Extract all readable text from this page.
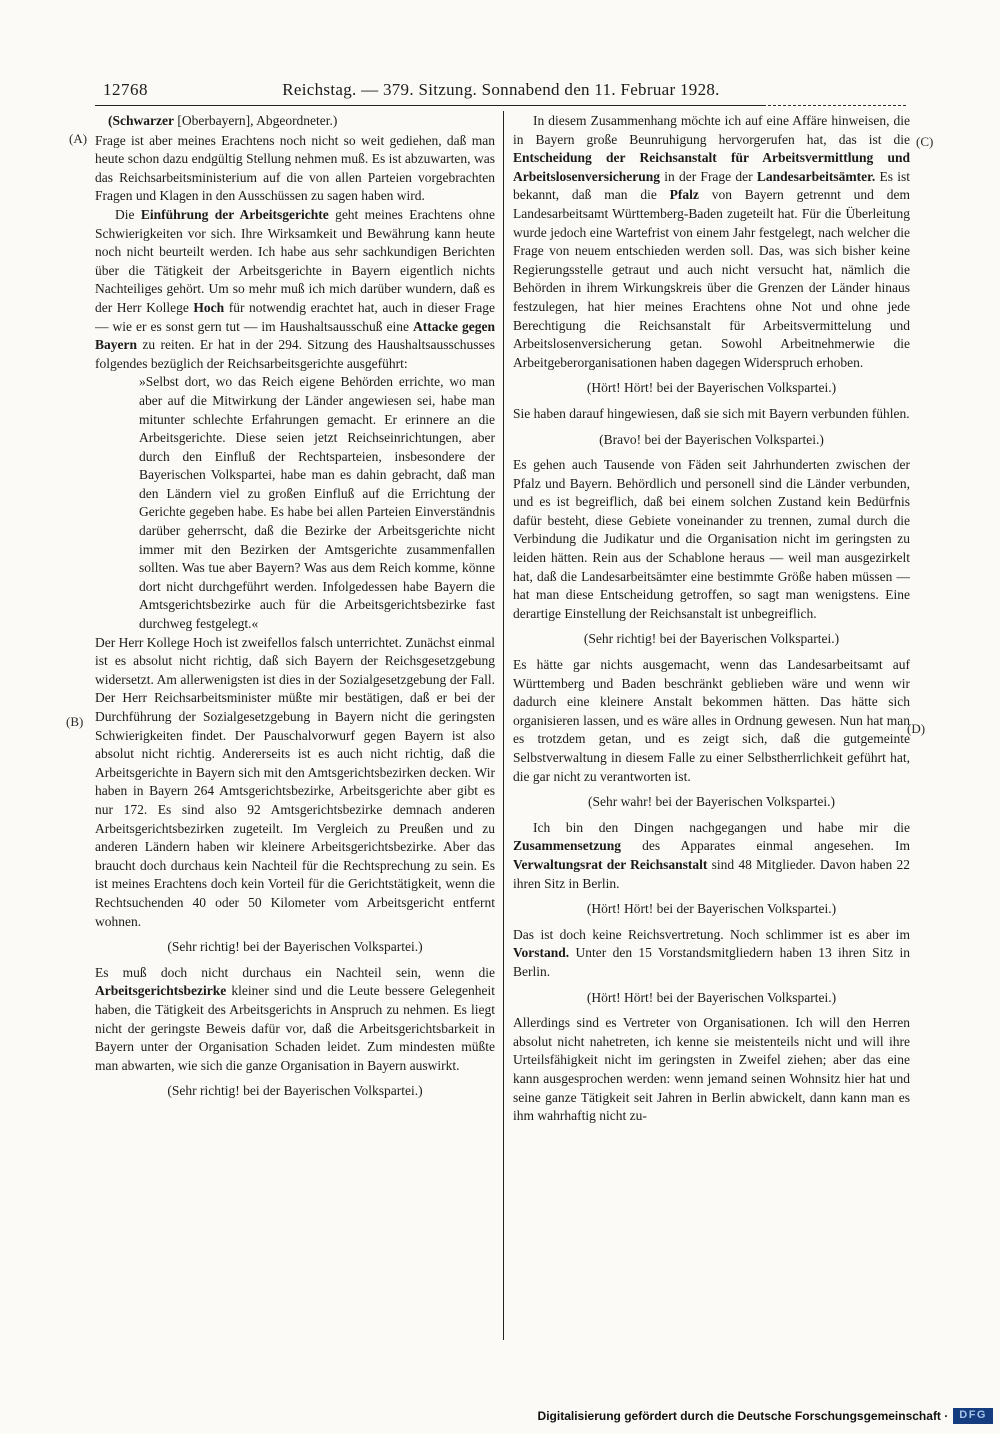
12768	Reichstag. — 379. Sitzung. Sonnabend den 11. Februar 1928.
(A)
(B)
(C)
(D)

(Schwarzer [Oberbayern], Abgeordneter.)

Frage ist aber meines Erachtens noch nicht so weit gediehen, daß man heute schon dazu endgültig Stellung nehmen muß. Es ist abzuwarten, was das Reichsarbeitsministerium auf die von allen Parteien vorgebrachten Fragen und Klagen in den Ausschüssen zu sagen haben wird.

Die Einführung der Arbeitsgerichte geht meines Erachtens ohne Schwierigkeiten vor sich. Ihre Wirksamkeit und Bewährung kann heute noch nicht beurteilt werden. Ich habe aus sehr sachkundigen Berichten über die Tätigkeit der Arbeitsgerichte in Bayern eigentlich nichts Nachteiliges gehört. Um so mehr muß ich mich darüber wundern, daß es der Herr Kollege Hoch für notwendig erachtet hat, auch in dieser Frage — wie er es sonst gern tut — im Haushaltsausschuß eine Attacke gegen Bayern zu reiten. Er hat in der 294. Sitzung des Haushaltsausschusses folgendes bezüglich der Reichsarbeitsgerichte ausgeführt:

»Selbst dort, wo das Reich eigene Behörden errichte, wo man aber auf die Mitwirkung der Länder angewiesen sei, habe man mitunter schlechte Erfahrungen gemacht. Er erinnere an die Arbeitsgerichte. Diese seien jetzt Reichseinrichtungen, aber durch den Einfluß der Rechtsparteien, insbesondere der Bayerischen Volkspartei, habe man es dahin gebracht, daß man den Ländern viel zu großen Einfluß auf die Errichtung der Gerichte gegeben habe. Es habe bei allen Parteien Einverständnis darüber geherrscht, daß die Bezirke der Arbeitsgerichte nicht immer mit den Bezirken der Amtsgerichte zusammenfallen sollten. Was tue aber Bayern? Was aus dem Reich komme, könne dort nicht durchgeführt werden. Infolgedessen habe Bayern die Amtsgerichtsbezirke auch für die Arbeitsgerichtsbezirke fast durchweg festgelegt.«

Der Herr Kollege Hoch ist zweifellos falsch unterrichtet. Zunächst einmal ist es absolut nicht richtig, daß sich Bayern der Reichsgesetzgebung widersetzt. Am allerwenigsten ist dies in der Sozialgesetzgebung der Fall. Der Herr Reichsarbeitsminister müßte mir bestätigen, daß er bei der Durchführung der Sozialgesetzgebung in Bayern nicht die geringsten Schwierigkeiten findet. Der Pauschalvorwurf gegen Bayern ist also absolut nicht richtig. Andererseits ist es auch nicht richtig, daß die Arbeitsgerichte in Bayern sich mit den Amtsgerichtsbezirken decken. Wir haben in Bayern 264 Amtsgerichtsbezirke, Arbeitsgerichte aber gibt es nur 172. Es sind also 92 Amtsgerichtsbezirke demnach anderen Arbeitsgerichtsbezirken zugeteilt. Im Vergleich zu Preußen und zu anderen Ländern haben wir kleinere Arbeitsgerichtsbezirke. Aber das braucht doch durchaus kein Nachteil für die Rechtsprechung zu sein. Es ist meines Erachtens doch kein Vorteil für die Gerichtstätigkeit, wenn die Rechtsuchenden 40 oder 50 Kilometer vom Arbeitsgericht entfernt wohnen.

(Sehr richtig! bei der Bayerischen Volkspartei.)

Es muß doch nicht durchaus ein Nachteil sein, wenn die Arbeitsgerichtsbezirke kleiner sind und die Leute bessere Gelegenheit haben, die Tätigkeit des Arbeitsgerichts in Anspruch zu nehmen. Es liegt nicht der geringste Beweis dafür vor, daß die Arbeitsgerichtsbarkeit in Bayern unter der Organisation Schaden leidet. Zum mindesten müßte man abwarten, wie sich die ganze Organisation in Bayern auswirkt.

(Sehr richtig! bei der Bayerischen Volkspartei.)

In diesem Zusammenhang möchte ich auf eine Affäre hinweisen, die in Bayern große Beunruhigung hervorgerufen hat, das ist die Entscheidung der Reichsanstalt für Arbeitsvermittlung und Arbeitslosenversicherung in der Frage der Landesarbeitsämter. Es ist bekannt, daß man die Pfalz von Bayern getrennt und dem Landesarbeitsamt Württemberg-Baden zugeteilt hat. Für die Überleitung wurde jedoch eine Wartefrist von einem Jahr festgelegt, nach welcher die Frage von neuem entschieden werden soll. Das, was sich bisher keine Regierungsstelle getraut und auch nicht versucht hat, nämlich die Behörden in ihrem Wirkungskreis über die Grenzen der Länder hinaus festzulegen, hat hier meines Erachtens ohne Not und ohne jede Berechtigung die Reichsanstalt für Arbeitsvermittelung und Arbeitslosenversicherung getan. Sowohl Arbeitnehmerwie die Arbeitgeberorganisationen haben dagegen Widerspruch erhoben.

(Hört! Hört! bei der Bayerischen Volkspartei.)

Sie haben darauf hingewiesen, daß sie sich mit Bayern verbunden fühlen.

(Bravo! bei der Bayerischen Volkspartei.)

Es gehen auch Tausende von Fäden seit Jahrhunderten zwischen der Pfalz und Bayern. Behördlich und personell sind die Länder verbunden, und es ist begreiflich, daß bei einem solchen Zustand kein Bedürfnis dafür besteht, diese Gebiete voneinander zu trennen, zumal durch die Verbindung die Judikatur und die Organisation nicht im geringsten zu leiden hätten. Rein aus der Schablone heraus — weil man ausgezirkelt hat, daß die Landesarbeitsämter eine bestimmte Größe haben müssen — hat man diese Entscheidung getroffen, so sagt man wenigstens. Eine derartige Einstellung der Reichsanstalt ist unbegreiflich.

(Sehr richtig! bei der Bayerischen Volkspartei.)

Es hätte gar nichts ausgemacht, wenn das Landesarbeitsamt auf Württemberg und Baden beschränkt geblieben wäre und wenn wir dadurch eine kleinere Anstalt bekommen hätten. Das hätte sich organisieren lassen, und es wäre alles in Ordnung gewesen. Nun hat man es trotzdem getan, und es zeigt sich, daß die gutgemeinte Selbstverwaltung in diesem Falle zu einer Selbstherrlichkeit geführt hat, die gar nicht zu verantworten ist.

(Sehr wahr! bei der Bayerischen Volkspartei.)

Ich bin den Dingen nachgegangen und habe mir die Zusammensetzung des Apparates einmal angesehen. Im Verwaltungsrat der Reichsanstalt sind 48 Mitglieder. Davon haben 22 ihren Sitz in Berlin.

(Hört! Hört! bei der Bayerischen Volkspartei.)

Das ist doch keine Reichsvertretung. Noch schlimmer ist es aber im Vorstand. Unter den 15 Vorstandsmitgliedern haben 13 ihren Sitz in Berlin.

(Hört! Hört! bei der Bayerischen Volkspartei.)

Allerdings sind es Vertreter von Organisationen. Ich will den Herren absolut nicht nahetreten, ich kenne sie meistenteils nicht und will ihre Urteilsfähigkeit nicht im geringsten in Zweifel ziehen; aber das eine kann ausgesprochen werden: wenn jemand seinen Wohnsitz hier hat und seine ganze Tätigkeit seit Jahren in Berlin abwickelt, dann kann man es ihm wahrhaftig nicht zu-

Digitalisierung gefördert durch die Deutsche Forschungsgemeinschaft ·	DFG
